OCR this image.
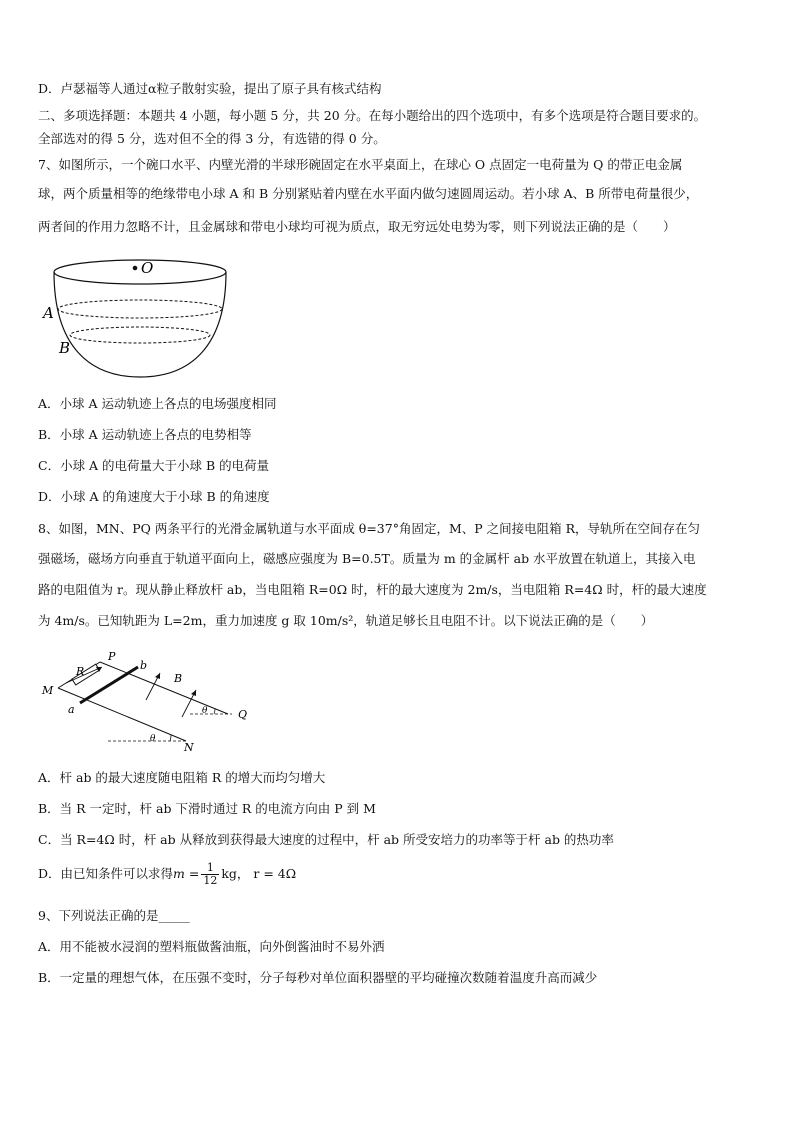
D．卢瑟福等人通过α粒子散射实验，提出了原子具有核式结构
二、多项选择题：本题共 4 小题，每小题 5 分，共 20 分。在每小题给出的四个选项中，有多个选项是符合题目要求的。
全部选对的得 5 分，选对但不全的得 3 分，有选错的得 0 分。
7、如图所示，一个碗口水平、内壁光滑的半球形碗固定在水平桌面上，在球心 O 点固定一电荷量为 Q 的带正电金属
球，两个质量相等的绝缘带电小球 A 和 B 分别紧贴着内壁在水平面内做匀速圆周运动。若小球 A、B 所带电荷量很少，
两者间的作用力忽略不计，且金属球和带电小球均可视为质点，取无穷远处电势为零，则下列说法正确的是（　　）
O
A
B
A．小球 A 运动轨迹上各点的电场强度相同
B．小球 A 运动轨迹上各点的电势相等
C．小球 A 的电荷量大于小球 B 的电荷量
D．小球 A 的角速度大于小球 B 的角速度
8、如图，MN、PQ 两条平行的光滑金属轨道与水平面成 θ=37°角固定，M、P 之间接电阻箱 R，导轨所在空间存在匀
强磁场，磁场方向垂直于轨道平面向上，磁感应强度为 B=0.5T。质量为 m 的金属杆 ab 水平放置在轨道上，其接入电
路的电阻值为 r。现从静止释放杆 ab，当电阻箱 R=0Ω 时，杆的最大速度为 2m/s，当电阻箱 R=4Ω 时，杆的最大速度
为 4m/s。已知轨距为 L=2m，重力加速度 g 取 10m/s²，轨道足够长且电阻不计。以下说法正确的是（　　）
R
P
b
B
M
a	θ	Q
θ
N
A．杆 ab 的最大速度随电阻箱 R 的增大而均匀增大
B．当 R 一定时，杆 ab 下滑时通过 R 的电流方向由 P 到 M
C．当 R=4Ω 时，杆 ab 从释放到获得最大速度的过程中，杆 ab 所受安培力的功率等于杆 ab 的热功率
D．由已知条件可以求得$m = \frac{1}{12}$ kg， r = 4Ω
9、下列说法正确的是_____
A．用不能被水浸润的塑料瓶做酱油瓶，向外倒酱油时不易外洒
B．一定量的理想气体，在压强不变时，分子每秒对单位面积器壁的平均碰撞次数随着温度升高而减少
